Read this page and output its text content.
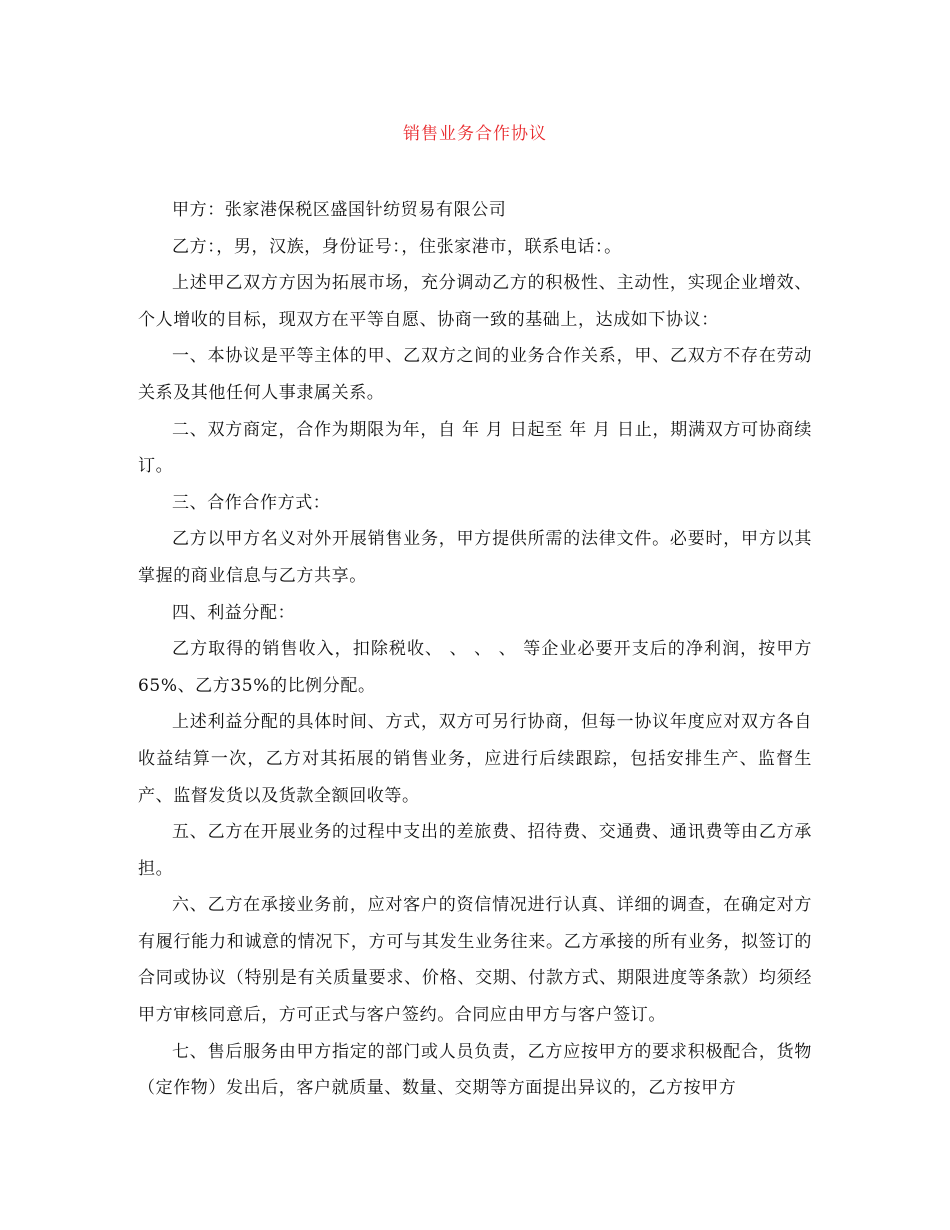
销售业务合作协议

甲方：张家港保税区盛国针纺贸易有限公司

乙方：，男，汉族，身份证号：，住张家港市，联系电话：。

上述甲乙双方方因为拓展市场，充分调动乙方的积极性、主动性，实现企业增效、个人增收的目标，现双方在平等自愿、协商一致的基础上，达成如下协议：

一、本协议是平等主体的甲、乙双方之间的业务合作关系，甲、乙双方不存在劳动关系及其他任何人事隶属关系。

二、双方商定，合作为期限为年，自 年 月 日起至 年 月 日止，期满双方可协商续订。

三、合作合作方式：

乙方以甲方名义对外开展销售业务，甲方提供所需的法律文件。必要时，甲方以其掌握的商业信息与乙方共享。

四、利益分配：

乙方取得的销售收入，扣除税收、 、 、 、 等企业必要开支后的净利润，按甲方65%、乙方35%的比例分配。

上述利益分配的具体时间、方式，双方可另行协商，但每一协议年度应对双方各自收益结算一次，乙方对其拓展的销售业务，应进行后续跟踪，包括安排生产、监督生产、监督发货以及货款全额回收等。

五、乙方在开展业务的过程中支出的差旅费、招待费、交通费、通讯费等由乙方承担。

六、乙方在承接业务前，应对客户的资信情况进行认真、详细的调查，在确定对方有履行能力和诚意的情况下，方可与其发生业务往来。乙方承接的所有业务，拟签订的合同或协议（特别是有关质量要求、价格、交期、付款方式、期限进度等条款）均须经甲方审核同意后，方可正式与客户签约。合同应由甲方与客户签订。

七、售后服务由甲方指定的部门或人员负责，乙方应按甲方的要求积极配合，货物（定作物）发出后，客户就质量、数量、交期等方面提出异议的，乙方按甲方
